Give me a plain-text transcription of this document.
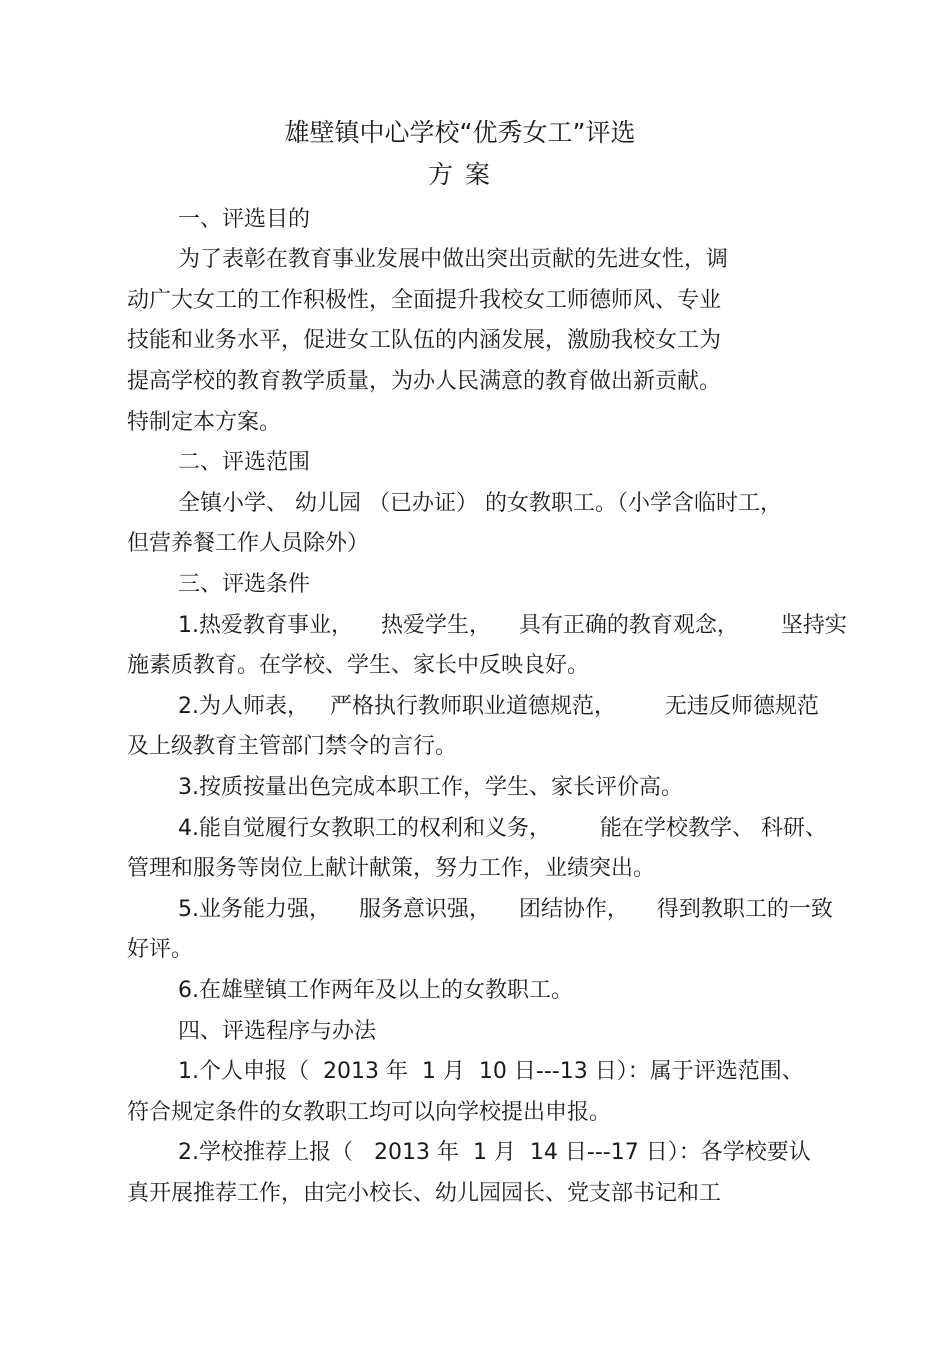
雄壁镇中心学校“优秀女工”评选
方 案
一、评选目的
为了表彰在教育事业发展中做出突出贡献的先进女性，调
动广大女工的工作积极性，全面提升我校女工师德师风、专业
技能和业务水平，促进女工队伍的内涵发展，激励我校女工为
提高学校的教育教学质量，为办人民满意的教育做出新贡献。
特制定本方案。
二、评选范围
全镇小学、 幼儿园 （已办证） 的女教职工。（小学含临时工，
但营养餐工作人员除外）
三、评选条件
1.热爱教育事业，    热爱学生，    具有正确的教育观念，      坚持实
施素质教育。在学校、学生、家长中反映良好。
2.为人师表，   严格执行教师职业道德规范，       无违反师德规范
及上级教育主管部门禁令的言行。
3.按质按量出色完成本职工作，学生、家长评价高。
4.能自觉履行女教职工的权利和义务，       能在学校教学、 科研、
管理和服务等岗位上献计献策，努力工作，业绩突出。
5.业务能力强，    服务意识强，    团结协作，    得到教职工的一致
好评。
6.在雄壁镇工作两年及以上的女教职工。
四、评选程序与办法
1.个人申报（  2013 年  1 月  10 日---13 日）：属于评选范围、
符合规定条件的女教职工均可以向学校提出申报。
2.学校推荐上报（   2013 年  1 月  14 日---17 日）：各学校要认
真开展推荐工作，由完小校长、幼儿园园长、党支部书记和工
